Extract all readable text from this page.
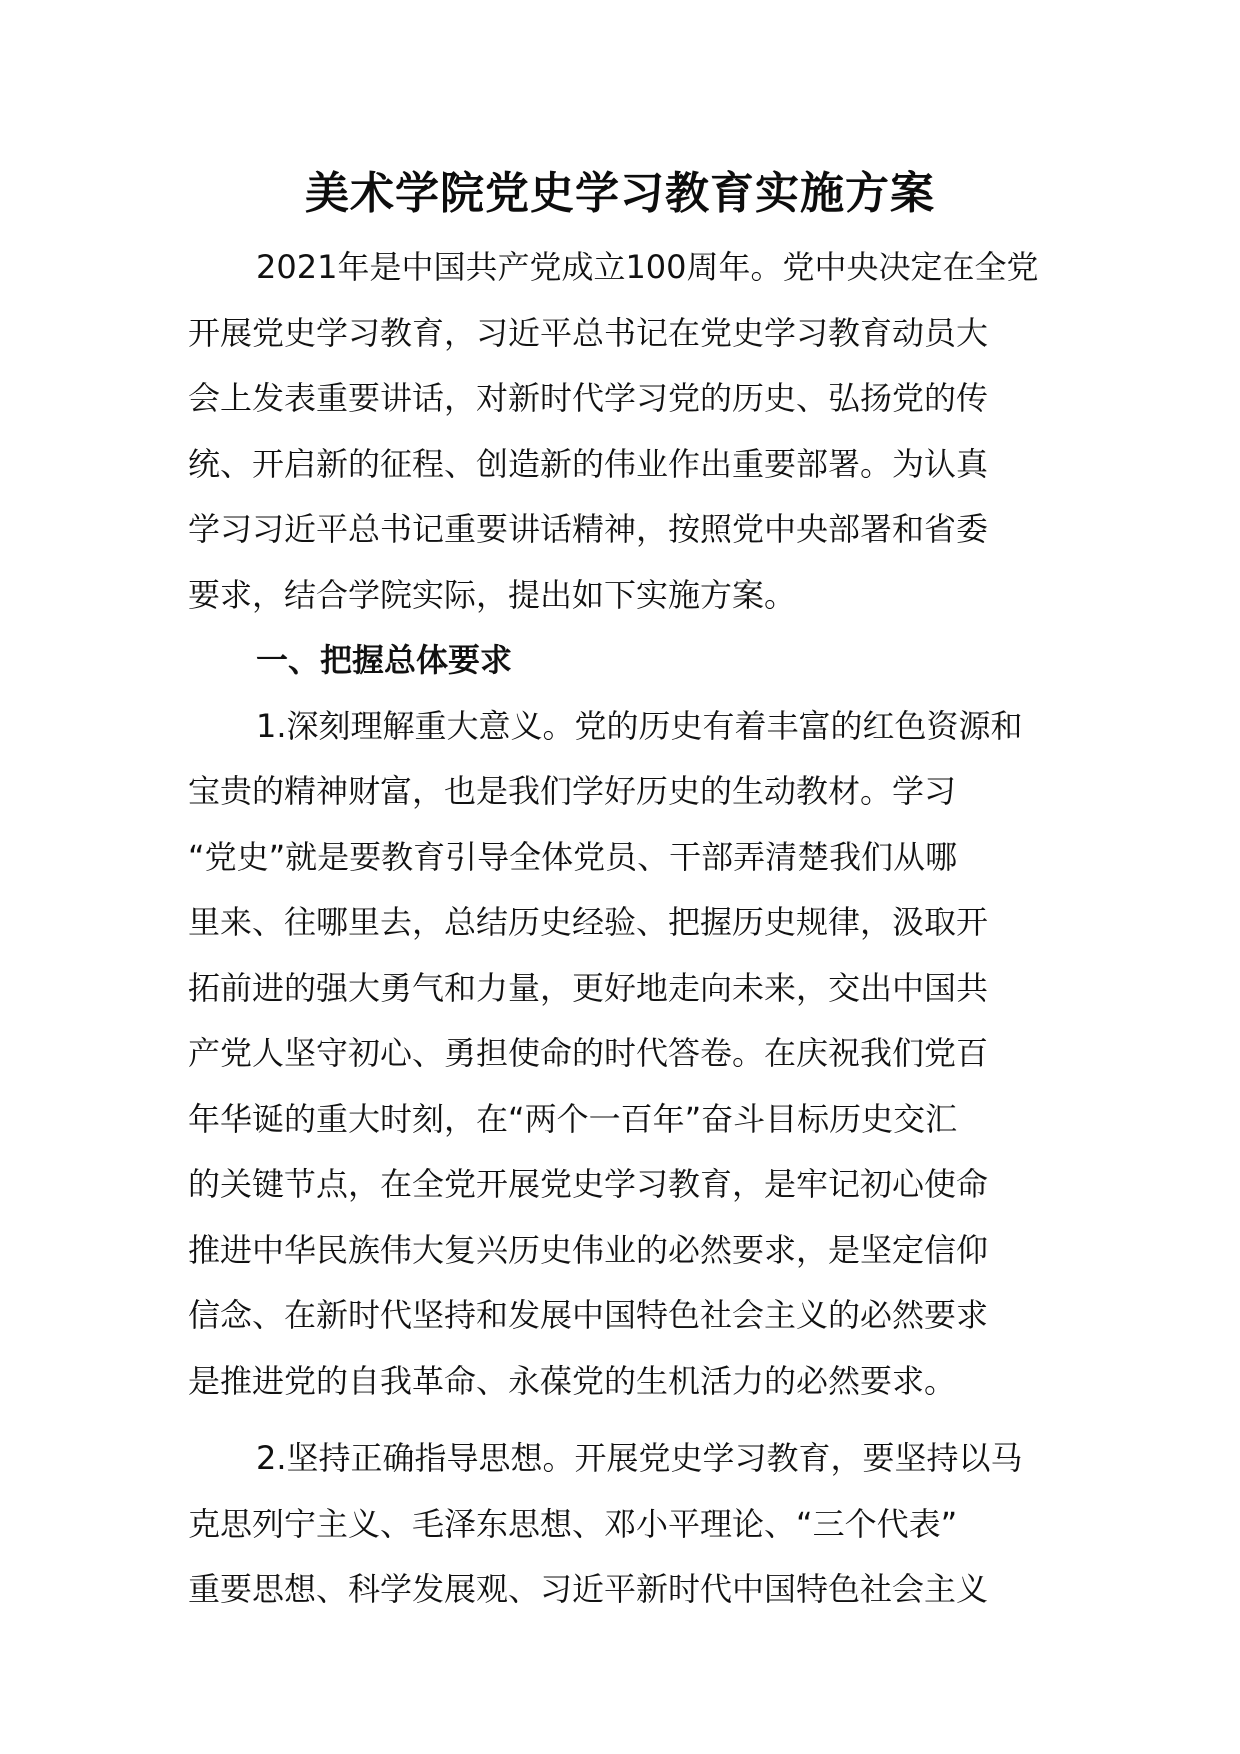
美术学院党史学习教育实施方案
2021年是中国共产党成立100周年。党中央决定在全党
开展党史学习教育，习近平总书记在党史学习教育动员大
会上发表重要讲话，对新时代学习党的历史、弘扬党的传
统、开启新的征程、创造新的伟业作出重要部署。为认真
学习习近平总书记重要讲话精神，按照党中央部署和省委
要求，结合学院实际，提出如下实施方案。
一、把握总体要求
1.深刻理解重大意义。党的历史有着丰富的红色资源和
宝贵的精神财富，也是我们学好历史的生动教材。学习
“党史”就是要教育引导全体党员、干部弄清楚我们从哪
里来、往哪里去，总结历史经验、把握历史规律，汲取开
拓前进的强大勇气和力量，更好地走向未来，交出中国共
产党人坚守初心、勇担使命的时代答卷。在庆祝我们党百
年华诞的重大时刻，在“两个一百年”奋斗目标历史交汇
的关键节点，在全党开展党史学习教育，是牢记初心使命
推进中华民族伟大复兴历史伟业的必然要求，是坚定信仰
信念、在新时代坚持和发展中国特色社会主义的必然要求
是推进党的自我革命、永葆党的生机活力的必然要求。
2.坚持正确指导思想。开展党史学习教育，要坚持以马
克思列宁主义、毛泽东思想、邓小平理论、“三个代表”
重要思想、科学发展观、习近平新时代中国特色社会主义
